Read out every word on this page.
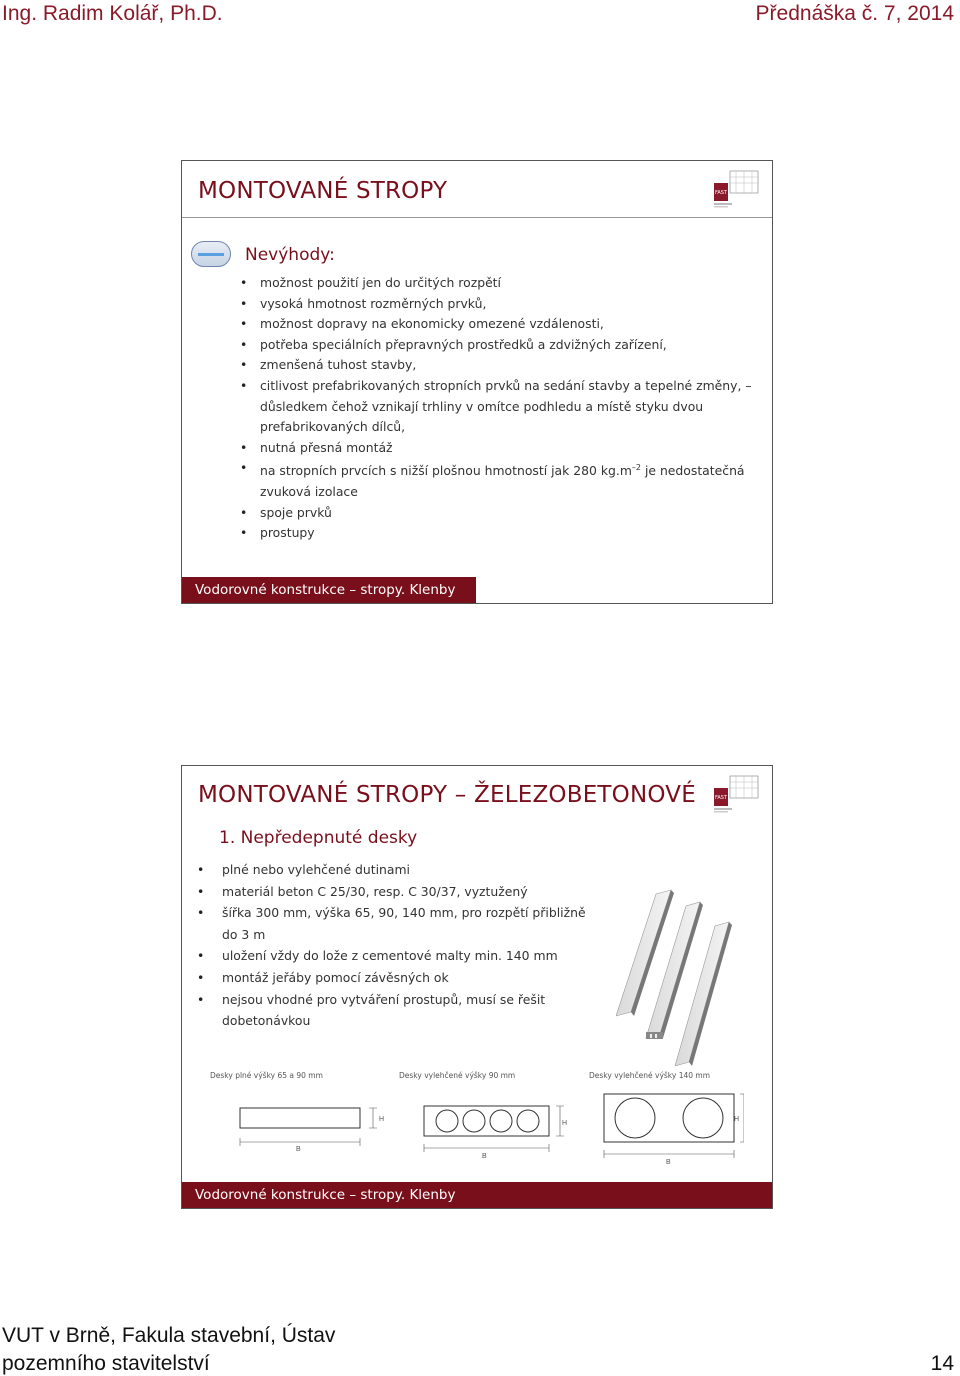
Ing. Radim Kolář, Ph.D.	Přednáška č. 7, 2014
MONTOVANÉ STROPY	FAST
Nevýhody:
• možnost použití jen do určitých rozpětí
• vysoká hmotnost rozměrných prvků,
• možnost dopravy na ekonomicky omezené vzdálenosti,
• potřeba speciálních přepravných prostředků a zdvižných zařízení,
• zmenšená tuhost stavby,
• citlivost prefabrikovaných stropních prvků na sedání stavby a tepelné změny, –
důsledkem čehož vznikají trhliny v omítce podhledu a místě styku dvou
prefabrikovaných dílců,
• nutná přesná montáž
• na stropních prvcích s nižší plošnou hmotností jak 280 $kg.m^{-2}$ je nedostatečná
zvuková izolace
• spoje prvků
• prostupy
Vodorovné konstrukce – stropy. Klenby
MONTOVANÉ STROPY – ŽELEZOBETONOVÉ	FAST
1. Nepředepnuté desky
• plné nebo vylehčené dutinami
• materiál beton C 25/30, resp. C 30/37, vyztužený
• šířka 300 mm, výška 65, 90, 140 mm, pro rozpětí přibližně
do 3 m
• uložení vždy do lože z cementové malty min. 140 mm
• montáž jeřáby pomocí závěsných ok
• nejsou vhodné pro vytváření prostupů, musí se řešit
dobetonávkou
Desky plné výšky 65 a 90 mm	Desky vylehčené výšky 90 mm	Desky vylehčené výšky 140 mm
B
H
B
H
B
H
Vodorovné konstrukce – stropy. Klenby
VUT v Brně, Fakula stavební, Ústav
pozemního stavitelství	14
